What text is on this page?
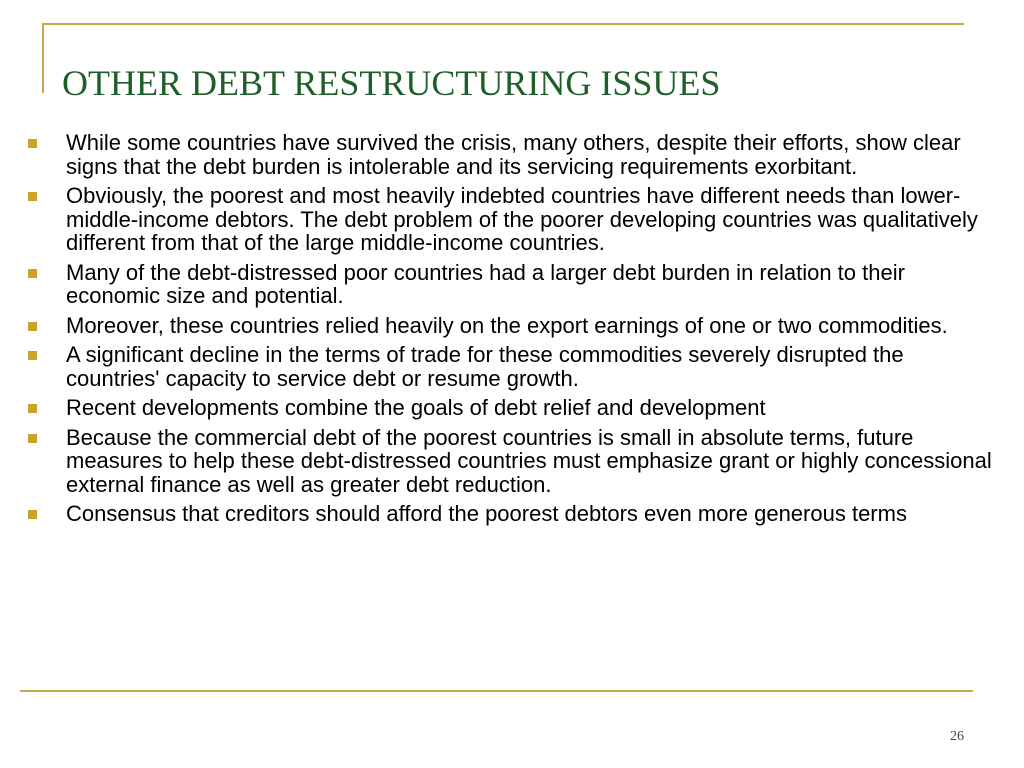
OTHER DEBT RESTRUCTURING ISSUES
While some countries have survived the crisis, many others, despite their efforts, show clear signs that the debt burden is intolerable and its servicing requirements exorbitant.
Obviously, the poorest and most heavily indebted countries have different needs than lower-middle-income debtors. The debt problem of the poorer developing countries was qualitatively different from that of the large middle-income countries.
Many of the debt-distressed poor countries had a larger debt burden in relation to their economic size and potential.
Moreover, these countries relied heavily on the export earnings of one or two commodities.
A significant decline in the terms of trade for these commodities severely disrupted the countries' capacity to service debt or resume growth.
Recent developments combine the goals of debt relief and development
Because the commercial debt of the poorest countries is small in absolute terms, future measures to help these debt-distressed countries must emphasize grant or highly concessional external finance as well as greater debt reduction.
Consensus that creditors should afford the poorest debtors even more generous terms
26
